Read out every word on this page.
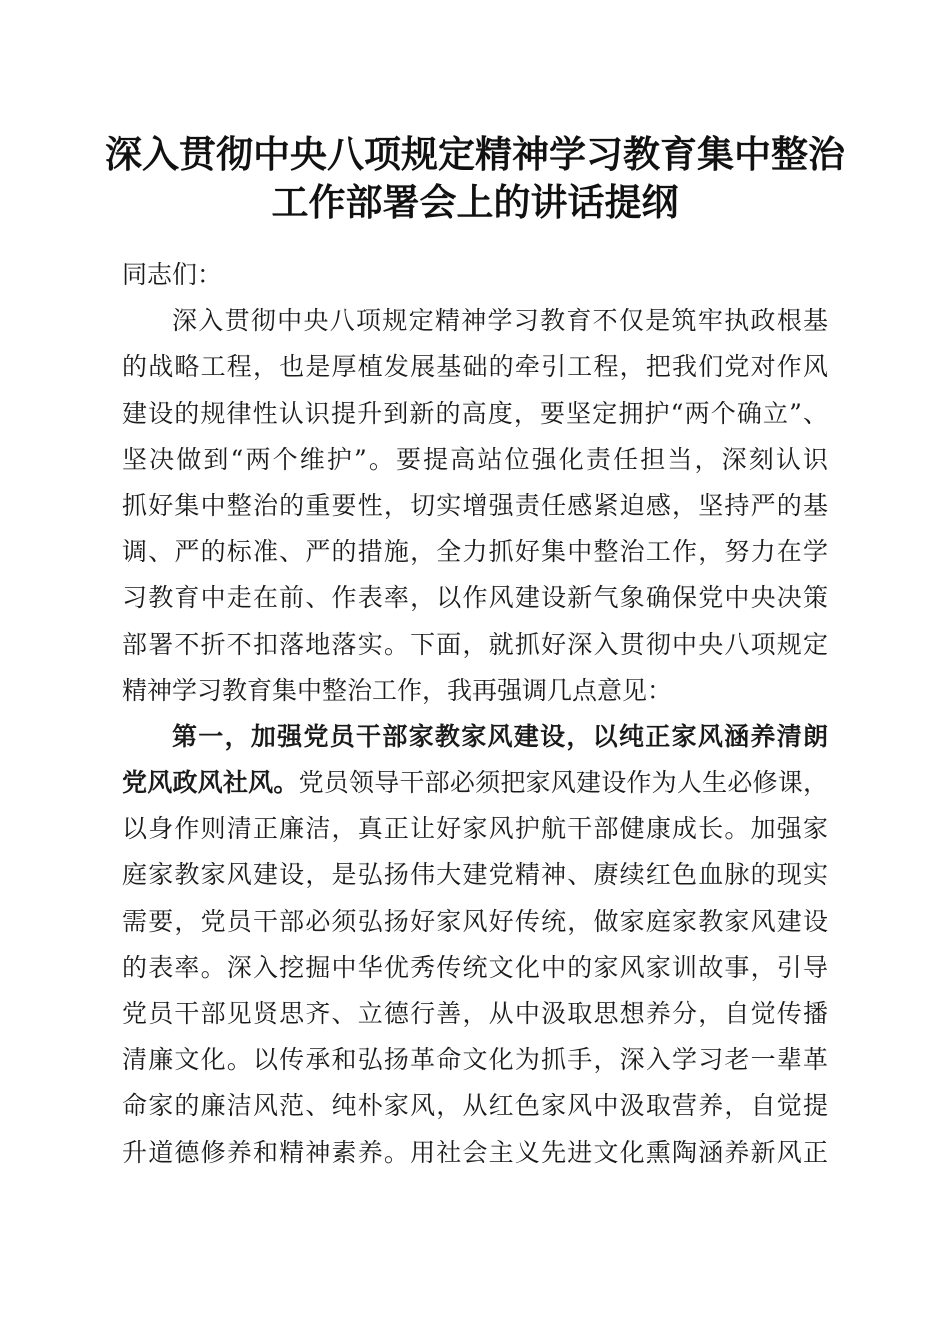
深入贯彻中央八项规定精神学习教育集中整治
工作部署会上的讲话提纲
同志们：
深入贯彻中央八项规定精神学习教育不仅是筑牢执政根基
的战略工程，也是厚植发展基础的牵引工程，把我们党对作风
建设的规律性认识提升到新的高度，要坚定拥护“两个确立”、
坚决做到“两个维护”。要提高站位强化责任担当，深刻认识
抓好集中整治的重要性，切实增强责任感紧迫感，坚持严的基
调、严的标准、严的措施，全力抓好集中整治工作，努力在学
习教育中走在前、作表率，以作风建设新气象确保党中央决策
部署不折不扣落地落实。下面，就抓好深入贯彻中央八项规定
精神学习教育集中整治工作，我再强调几点意见：
第一，加强党员干部家教家风建设，以纯正家风涵养清朗
党风政风社风。党员领导干部必须把家风建设作为人生必修课，
以身作则清正廉洁，真正让好家风护航干部健康成长。加强家
庭家教家风建设，是弘扬伟大建党精神、赓续红色血脉的现实
需要，党员干部必须弘扬好家风好传统，做家庭家教家风建设
的表率。深入挖掘中华优秀传统文化中的家风家训故事，引导
党员干部见贤思齐、立德行善，从中汲取思想养分，自觉传播
清廉文化。以传承和弘扬革命文化为抓手，深入学习老一辈革
命家的廉洁风范、纯朴家风，从红色家风中汲取营养，自觉提
升道德修养和精神素养。用社会主义先进文化熏陶涵养新风正
